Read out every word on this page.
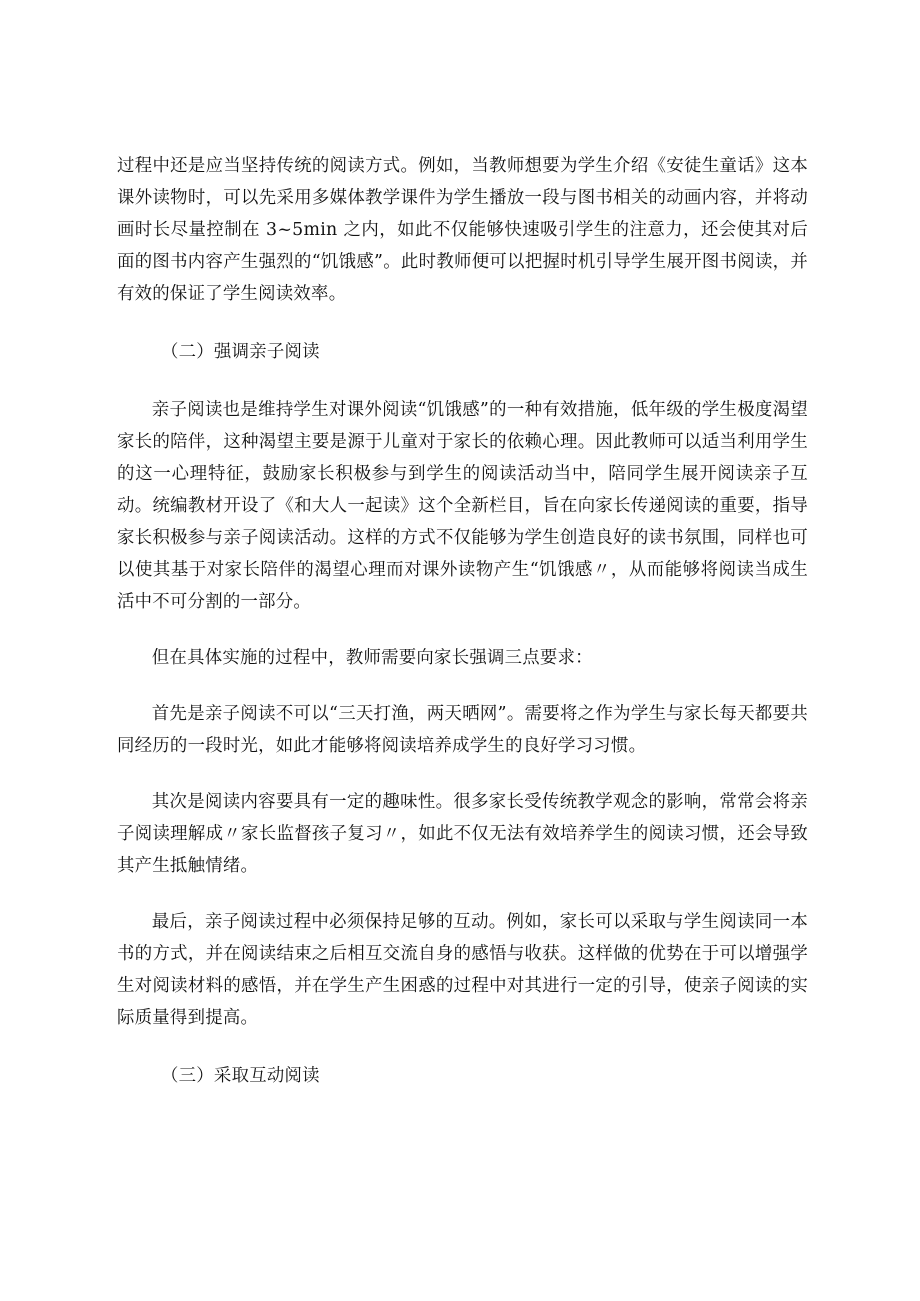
过程中还是应当坚持传统的阅读方式。例如，当教师想要为学生介绍《安徒生童话》这本课外读物时，可以先采用多媒体教学课件为学生播放一段与图书相关的动画内容，并将动画时长尽量控制在 3~5min 之内，如此不仅能够快速吸引学生的注意力，还会使其对后面的图书内容产生强烈的“饥饿感”。此时教师便可以把握时机引导学生展开图书阅读，并有效的保证了学生阅读效率。

（二）强调亲子阅读

亲子阅读也是维持学生对课外阅读“饥饿感”的一种有效措施，低年级的学生极度渴望家长的陪伴，这种渴望主要是源于儿童对于家长的依赖心理。因此教师可以适当利用学生的这一心理特征，鼓励家长积极参与到学生的阅读活动当中，陪同学生展开阅读亲子互动。统编教材开设了《和大人一起读》这个全新栏目，旨在向家长传递阅读的重要，指导家长积极参与亲子阅读活动。这样的方式不仅能够为学生创造良好的读书氛围，同样也可以使其基于对家长陪伴的渴望心理而对课外读物产生“饥饿感〃，从而能够将阅读当成生活中不可分割的一部分。

但在具体实施的过程中，教师需要向家长强调三点要求：

首先是亲子阅读不可以“三天打渔，两天晒网”。需要将之作为学生与家长每天都要共同经历的一段时光，如此才能够将阅读培养成学生的良好学习习惯。

其次是阅读内容要具有一定的趣味性。很多家长受传统教学观念的影响，常常会将亲子阅读理解成〃家长监督孩子复习〃，如此不仅无法有效培养学生的阅读习惯，还会导致其产生抵触情绪。

最后，亲子阅读过程中必须保持足够的互动。例如，家长可以采取与学生阅读同一本书的方式，并在阅读结束之后相互交流自身的感悟与收获。这样做的优势在于可以增强学生对阅读材料的感悟，并在学生产生困惑的过程中对其进行一定的引导，使亲子阅读的实际质量得到提高。

（三）采取互动阅读
